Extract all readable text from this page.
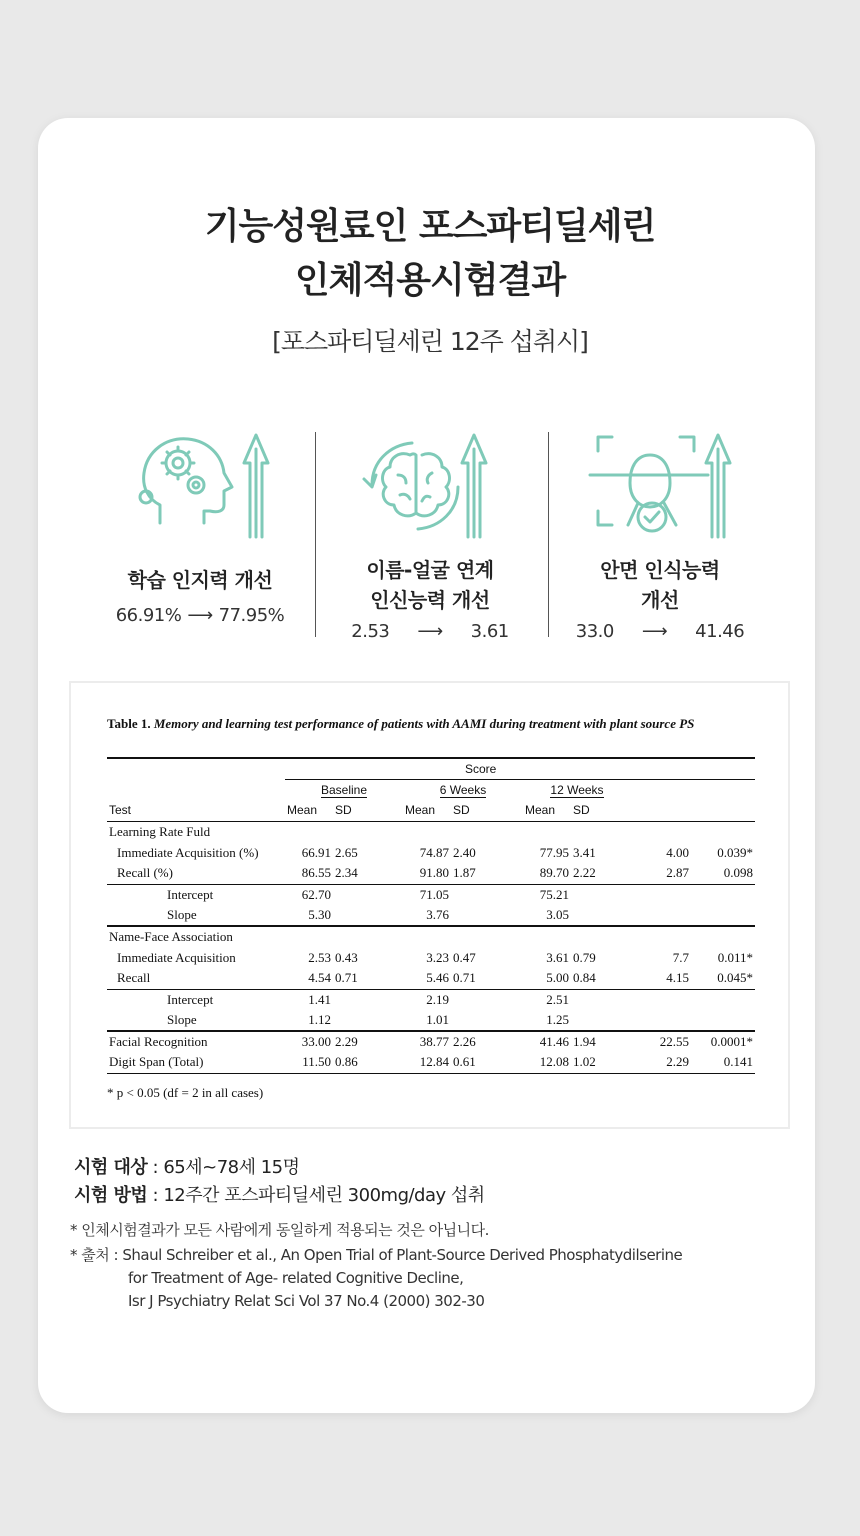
기능성원료인 포스파티딜세린
인체적용시험결과
[포스파티딜세린 12주 섭취시]
학습 인지력 개선
66.91% ⟶ 77.95%
이름-얼굴 연계
인신능력 개선
2.53 ⟶ 3.61
안면 인식능력
개선
33.0 ⟶ 41.46
Table 1. Memory and learning test performance of patients with AAMI during treatment with plant source PS
	Score							
	Baseline		6 Weeks		12 Weeks			
Test	Mean	SD	Mean	SD	Mean	SD		
Learning Rate Fuld								
Immediate Acquisition (%)	66.91	2.65	74.87	2.40	77.95	3.41	4.00	0.039*
Recall (%)	86.55	2.34	91.80	1.87	89.70	2.22	2.87	0.098
Intercept	62.70		71.05		75.21			
Slope	5.30		3.76		3.05			
Name-Face Association								
Immediate Acquisition	2.53	0.43	3.23	0.47	3.61	0.79	7.7	0.011*
Recall	4.54	0.71	5.46	0.71	5.00	0.84	4.15	0.045*
Intercept	1.41		2.19		2.51			
Slope	1.12		1.01		1.25			
Facial Recognition	33.00	2.29	38.77	2.26	41.46	1.94	22.55	0.0001*
Digit Span (Total)	11.50	0.86	12.84	0.61	12.08	1.02	2.29	0.141
* p < 0.05 (df = 2 in all cases)
시험 대상 : 65세~78세 15명
시험 방법 : 12주간 포스파티딜세린 300mg/day 섭취
* 인체시험결과가 모든 사람에게 동일하게 적용되는 것은 아닙니다.
* 출처 : Shaul Schreiber et al., An Open Trial of Plant-Source Derived Phosphatydilserine
for Treatment of Age- related Cognitive Decline,
Isr J Psychiatry Relat Sci Vol 37 No.4 (2000) 302-30
